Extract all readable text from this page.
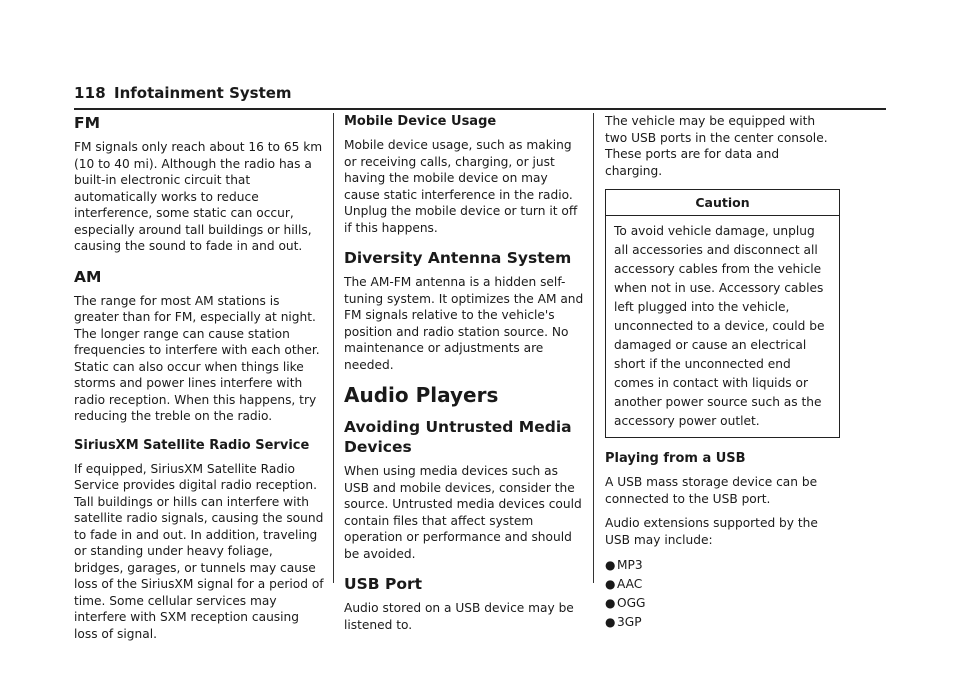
118 Infotainment System
FM

FM signals only reach about 16 to 65 km (10 to 40 mi). Although the radio has a built-in electronic circuit that automatically works to reduce interference, some static can occur, especially around tall buildings or hills, causing the sound to fade in and out.

AM

The range for most AM stations is greater than for FM, especially at night. The longer range can cause station frequencies to interfere with each other. Static can also occur when things like storms and power lines interfere with radio reception. When this happens, try reducing the treble on the radio.

SiriusXM Satellite Radio Service

If equipped, SiriusXM Satellite Radio Service provides digital radio reception. Tall buildings or hills can interfere with satellite radio signals, causing the sound to fade in and out. In addition, traveling or standing under heavy foliage, bridges, garages, or tunnels may cause loss of the SiriusXM signal for a period of time. Some cellular services may interfere with SXM reception causing loss of signal.

Mobile Device Usage

Mobile device usage, such as making or receiving calls, charging, or just having the mobile device on may cause static interference in the radio. Unplug the mobile device or turn it off if this happens.

Diversity Antenna System

The AM-FM antenna is a hidden self-tuning system. It optimizes the AM and FM signals relative to the vehicle's position and radio station source. No maintenance or adjustments are needed.

Audio Players
Avoiding Untrusted Media Devices

When using media devices such as USB and mobile devices, consider the source. Untrusted media devices could contain files that affect system operation or performance and should be avoided.

USB Port

Audio stored on a USB device may be listened to.

The vehicle may be equipped with two USB ports in the center console. These ports are for data and charging.

Caution
To avoid vehicle damage, unplug all accessories and disconnect all accessory cables from the vehicle when not in use. Accessory cables left plugged into the vehicle, unconnected to a device, could be damaged or cause an electrical short if the unconnected end comes in contact with liquids or another power source such as the accessory power outlet.
Playing from a USB

A USB mass storage device can be connected to the USB port.

Audio extensions supported by the USB may include:

● MP3
● AAC
● OGG
● 3GP
